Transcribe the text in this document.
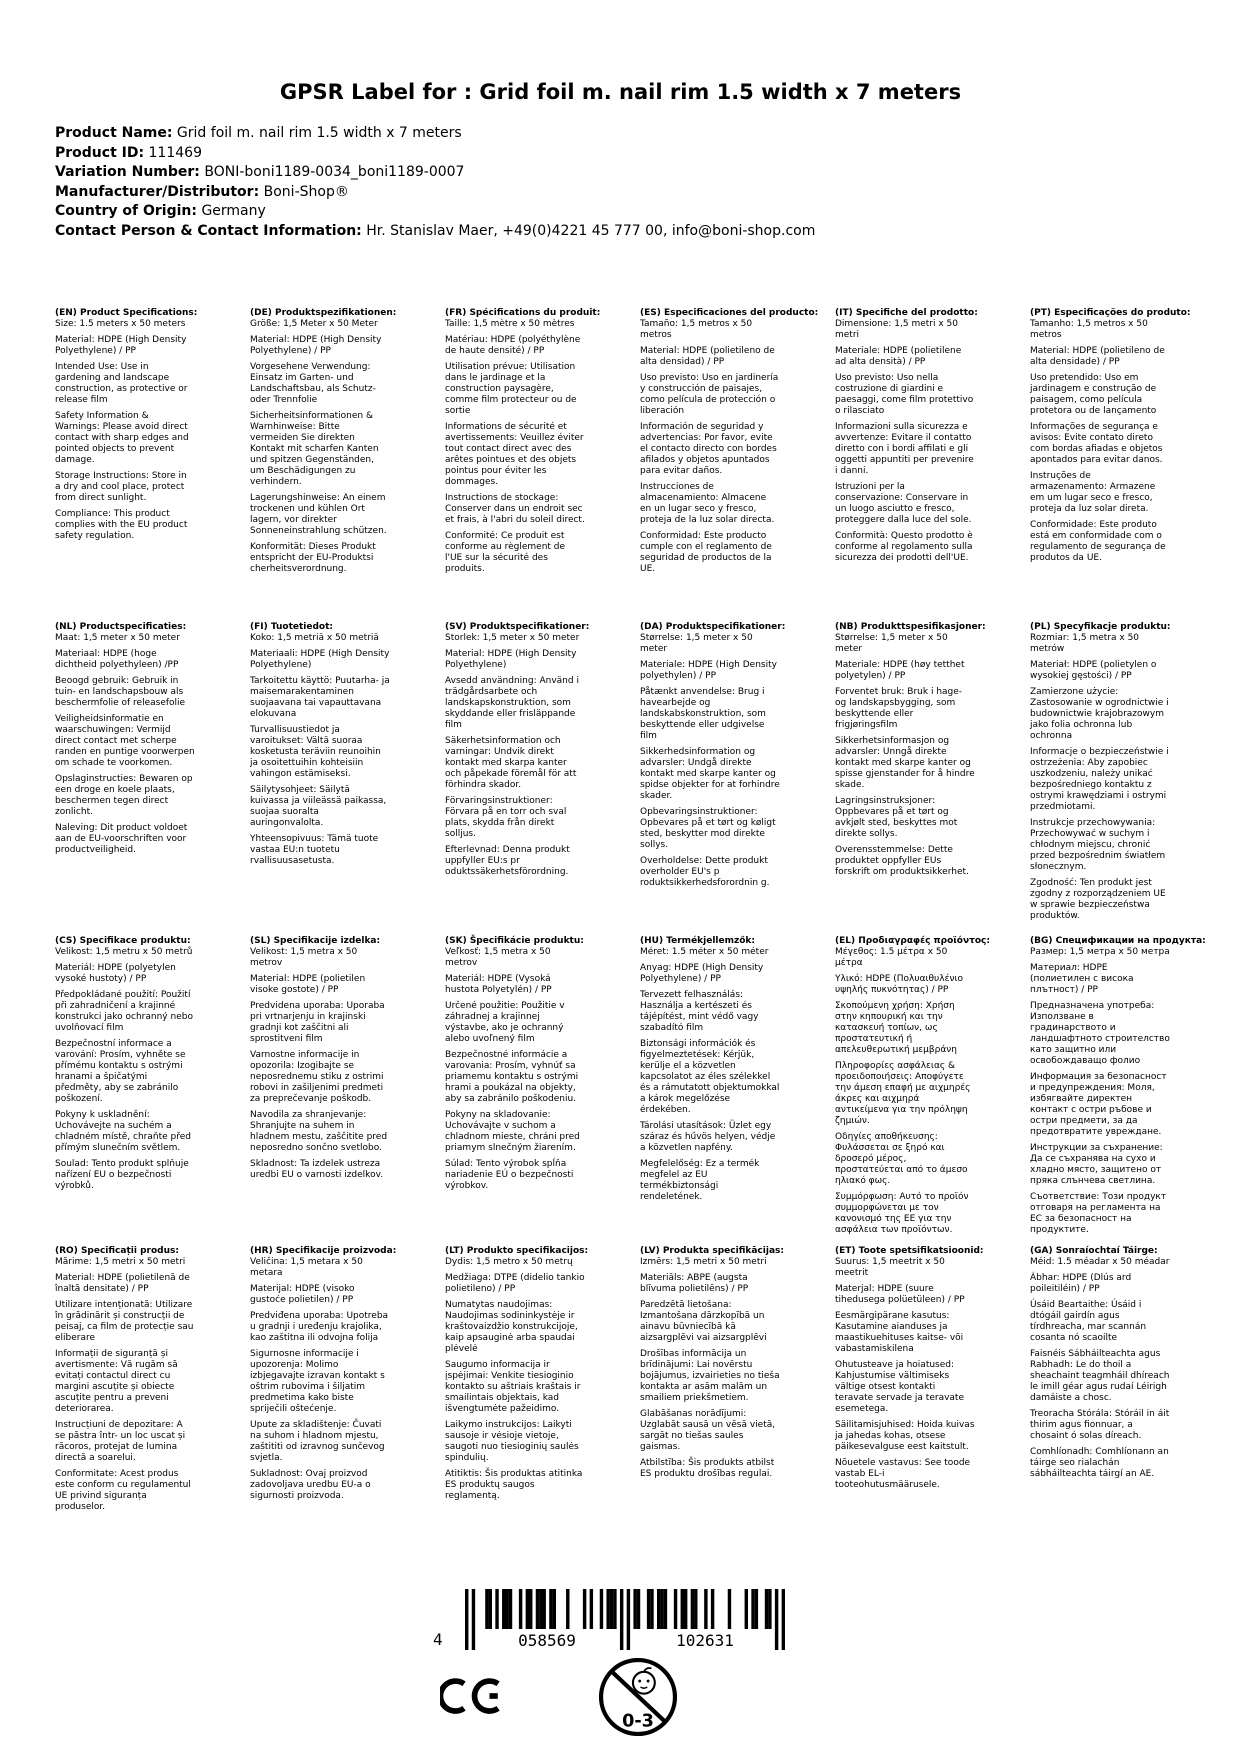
GPSR Label for : Grid foil m. nail rim 1.5 width x 7 meters
Product Name: Grid foil m. nail rim 1.5 width x 7 meters
Product ID: 111469
Variation Number: BONI-boni1189-0034_boni1189-0007
Manufacturer/Distributor: Boni-Shop®
Country of Origin: Germany
Contact Person & Contact Information: Hr. Stanislav Maer, +49(0)4221 45 777 00, info@boni-shop.com
(EN) Product Specifications:

Size: 1.5 meters x 50 meters

Material: HDPE (High Density Polyethylene) / PP

Intended Use: Use in gardening and landscape construction, as protective or release film

Safety Information & Warnings: Please avoid direct contact with sharp edges and pointed objects to prevent damage.

Storage Instructions: Store in a dry and cool place, protect from direct sunlight.

Compliance: This product complies with the EU product safety regulation.

(DE) Produktspezifikationen:

Größe: 1,5 Meter x 50 Meter

Material: HDPE (High Density Polyethylene) / PP

Vorgesehene Verwendung: Einsatz im Garten- und Landschaftsbau, als Schutz- oder Trennfolie

Sicherheitsinformationen & Warnhinweise: Bitte vermeiden Sie direkten Kontakt mit scharfen Kanten und spitzen Gegenständen, um Beschädigungen zu verhindern.

Lagerungshinweise: An einem trockenen und kühlen Ort lagern, vor direkter Sonneneinstrahlung schützen.

Konformität: Dieses Produkt entspricht der EU-Produktsi cherheitsverordnung.

(FR) Spécifications du produit:

Taille: 1,5 mètre x 50 mètres

Matériau: HDPE (polyéthylène de haute densité) / PP

Utilisation prévue: Utilisation dans le jardinage et la construction paysagère, comme film protecteur ou de sortie

Informations de sécurité et avertissements: Veuillez éviter tout contact direct avec des arêtes pointues et des objets pointus pour éviter les dommages.

Instructions de stockage: Conserver dans un endroit sec et frais, à l'abri du soleil direct.

Conformité: Ce produit est conforme au règlement de l'UE sur la sécurité des produits.

(ES) Especificaciones del producto:

Tamaño: 1,5 metros x 50 metros

Material: HDPE (polietileno de alta densidad) / PP

Uso previsto: Uso en jardinería y construcción de paisajes, como película de protección o liberación

Información de seguridad y advertencias: Por favor, evite el contacto directo con bordes afilados y objetos apuntados para evitar daños.

Instrucciones de almacenamiento: Almacene en un lugar seco y fresco, proteja de la luz solar directa.

Conformidad: Este producto cumple con el reglamento de seguridad de productos de la UE.

(IT) Specifiche del prodotto:

Dimensione: 1,5 metri x 50 metri

Materiale: HDPE (polietilene ad alta densità) / PP

Uso previsto: Uso nella costruzione di giardini e paesaggi, come film protettivo o rilasciato

Informazioni sulla sicurezza e avvertenze: Evitare il contatto diretto con i bordi affilati e gli oggetti appuntiti per prevenire i danni.

Istruzioni per la conservazione: Conservare in un luogo asciutto e fresco, proteggere dalla luce del sole.

Conformità: Questo prodotto è conforme al regolamento sulla sicurezza dei prodotti dell'UE.

(PT) Especificações do produto:

Tamanho: 1,5 metros x 50 metros

Material: HDPE (polietileno de alta densidade) / PP

Uso pretendido: Uso em jardinagem e construção de paisagem, como película protetora ou de lançamento

Informações de segurança e avisos: Evite contato direto com bordas afiadas e objetos apontados para evitar danos.

Instruções de armazenamento: Armazene em um lugar seco e fresco, proteja da luz solar direta.

Conformidade: Este produto está em conformidade com o regulamento de segurança de produtos da UE.

(NL) Productspecificaties:

Maat: 1,5 meter x 50 meter

Materiaal: HDPE (hoge dichtheid polyethyleen) /PP

Beoogd gebruik: Gebruik in tuin- en landschapsbouw als beschermfolie of releasefolie

Veiligheidsinformatie en waarschuwingen: Vermijd direct contact met scherpe randen en puntige voorwerpen om schade te voorkomen.

Opslaginstructies: Bewaren op een droge en koele plaats, beschermen tegen direct zonlicht.

Naleving: Dit product voldoet aan de EU-voorschriften voor productveiligheid.

(FI) Tuotetiedot:

Koko: 1,5 metriä x 50 metriä

Materiaali: HDPE (High Density Polyethylene)

Tarkoitettu käyttö: Puutarha- ja maisemarakentaminen suojaavana tai vapauttavana elokuvana

Turvallisuustiedot ja varoitukset: Vältä suoraa kosketusta teräviin reunoihin ja osoitettuihin kohteisiin vahingon estämiseksi.

Säilytysohjeet: Säilytä kuivassa ja viileässä paikassa, suojaa suoralta auringonvalolta.

Yhteensopivuus: Tämä tuote vastaa EU:n tuotetu rvallisuusasetusta.

(SV) Produktspecifikationer:

Storlek: 1,5 meter x 50 meter

Material: HDPE (High Density Polyethylene)

Avsedd användning: Använd i trädgårdsarbete och landskapskonstruktion, som skyddande eller frisläppande film

Säkerhetsinformation och varningar: Undvik direkt kontakt med skarpa kanter och påpekade föremål för att förhindra skador.

Förvaringsinstruktioner: Förvara på en torr och sval plats, skydda från direkt solljus.

Efterlevnad: Denna produkt uppfyller EU:s pr oduktssäkerhetsförordning.

(DA) Produktspecifikationer:

Størrelse: 1,5 meter x 50 meter

Materiale: HDPE (High Density polyethylen) / PP

Påtænkt anvendelse: Brug i havearbejde og landskabskonstruktion, som beskyttende eller udgivelse film

Sikkerhedsinformation og advarsler: Undgå direkte kontakt med skarpe kanter og spidse objekter for at forhindre skader.

Opbevaringsinstruktioner: Opbevares på et tørt og køligt sted, beskytter mod direkte sollys.

Overholdelse: Dette produkt overholder EU's p roduktsikkerhedsforordnin g.

(NB) Produkttspesifikasjoner:

Størrelse: 1,5 meter x 50 meter

Materiale: HDPE (høy tetthet polyetylen) / PP

Forventet bruk: Bruk i hage- og landskapsbygging, som beskyttende eller frigjøringsfilm

Sikkerhetsinformasjon og advarsler: Unngå direkte kontakt med skarpe kanter og spisse gjenstander for å hindre skade.

Lagringsinstruksjoner: Oppbevares på et tørt og avkjølt sted, beskyttes mot direkte sollys.

Overensstemmelse: Dette produktet oppfyller EUs forskrift om produktsikkerhet.

(PL) Specyfikacje produktu:

Rozmiar: 1,5 metra x 50 metrów

Materiał: HDPE (polietylen o wysokiej gęstości) / PP

Zamierzone użycie: Zastosowanie w ogrodnictwie i budownictwie krajobrazowym jako folia ochronna lub ochronna

Informacje o bezpieczeństwie i ostrzeżenia: Aby zapobiec uszkodzeniu, należy unikać bezpośredniego kontaktu z ostrymi krawędziami i ostrymi przedmiotami.

Instrukcje przechowywania: Przechowywać w suchym i chłodnym miejscu, chronić przed bezpośrednim światłem słonecznym.

Zgodność: Ten produkt jest zgodny z rozporządzeniem UE w sprawie bezpieczeństwa produktów.

(CS) Specifikace produktu:

Velikost: 1,5 metru x 50 metrů

Materiál: HDPE (polyetylen vysoké hustoty) / PP

Předpokládané použití: Použití při zahradničení a krajinné konstrukci jako ochranný nebo uvolňovací film

Bezpečnostní informace a varování: Prosím, vyhněte se přímému kontaktu s ostrými hranami a špičatými předměty, aby se zabránilo poškození.

Pokyny k uskladnění: Uchovávejte na suchém a chladném místě, chraňte před přímým slunečním světlem.

Soulad: Tento produkt splňuje nařízení EU o bezpečnosti výrobků.

(SL) Specifikacije izdelka:

Velikost: 1,5 metra x 50 metrov

Material: HDPE (polietilen visoke gostote) / PP

Predvidena uporaba: Uporaba pri vrtnarjenju in krajinski gradnji kot zaščitni ali sprostitveni film

Varnostne informacije in opozorila: Izogibajte se neposrednemu stiku z ostrimi robovi in zašiljenimi predmeti za preprečevanje poškodb.

Navodila za shranjevanje: Shranjujte na suhem in hladnem mestu, zaščitite pred neposredno sončno svetlobo.

Skladnost: Ta izdelek ustreza uredbi EU o varnosti izdelkov.

(SK) Špecifikácie produktu:

Veľkosť: 1,5 metra x 50 metrov

Materiál: HDPE (Vysoká hustota Polyetylén) / PP

Určené použitie: Použitie v záhradnej a krajinnej výstavbe, ako je ochranný alebo uvoľnený film

Bezpečnostné informácie a varovania: Prosím, vyhnúť sa priamemu kontaktu s ostrými hrami a poukázal na objekty, aby sa zabránilo poškodeniu.

Pokyny na skladovanie: Uchovávajte v suchom a chladnom mieste, chráni pred priamym slnečným žiarením.

Súlad: Tento výrobok spĺňa nariadenie EÚ o bezpečnosti výrobkov.

(HU) Termékjellemzők:

Méret: 1.5 méter x 50 méter

Anyag: HDPE (High Density Polyethylene) / PP

Tervezett felhasználás: Használja a kertészeti és tájépítést, mint védő vagy szabadító film

Biztonsági információk és figyelmeztetések: Kérjük, kerülje el a közvetlen kapcsolatot az éles szélekkel és a rámutatott objektumokkal a károk megelőzése érdekében.

Tárolási utasítások: Üzlet egy száraz és hűvös helyen, védje a közvetlen napfény.

Megfelelőség: Ez a termék megfelel az EU termékbiztonsági rendeletének.

(EL) Προδιαγραφές προϊόντος:

Μέγεθος: 1.5 μέτρα x 50 μέτρα

Υλικό: HDPE (Πολυαιθυλένιο υψηλής πυκνότητας) / PP

Σκοπούμενη χρήση: Χρήση στην κηπουρική και την κατασκευή τοπίων, ως προστατευτική ή απελευθερωτική μεμβράνη

Πληροφορίες ασφάλειας & προειδοποιήσεις: Αποφύγετε την άμεση επαφή με αιχμηρές άκρες και αιχμηρά αντικείμενα για την πρόληψη ζημιών.

Οδηγίες αποθήκευσης: Φυλάσσεται σε ξηρό και δροσερό μέρος, προστατεύεται από το άμεσο ηλιακό φως.

Συμμόρφωση: Αυτό το προϊόν συμμορφώνεται με τον κανονισμό της ΕΕ για την ασφάλεια των προϊόντων.

(BG) Спецификации на продукта:

Размер: 1,5 метра x 50 метра

Материал: HDPE (полиетилен с висока плътност) / PP

Предназначена употреба: Използване в градинарството и ландшафтното строителство като защитно или освобождаващо фолио

Информация за безопасност и предупреждения: Моля, избягвайте директен контакт с остри ръбове и остри предмети, за да предотвратите увреждане.

Инструкции за съхранение: Да се съхранява на сухо и хладно място, защитено от пряка слънчева светлина.

Съответствие: Този продукт отговаря на регламента на ЕС за безопасност на продуктите.

(RO) Specificații produs:

Mărime: 1,5 metri x 50 metri

Material: HDPE (polietilenă de înaltă densitate) / PP

Utilizare intenționată: Utilizare în grădinărit și construcții de peisaj, ca film de protecție sau eliberare

Informații de siguranță și avertismente: Vă rugăm să evitați contactul direct cu margini ascuțite și obiecte ascuțite pentru a preveni deteriorarea.

Instrucțiuni de depozitare: A se păstra într- un loc uscat și răcoros, protejat de lumina directă a soarelui.

Conformitate: Acest produs este conform cu regulamentul UE privind siguranța produselor.

(HR) Specifikacije proizvoda:

Veličina: 1,5 metara x 50 metara

Materijal: HDPE (visoko gustoće polietilen) / PP

Predviđena uporaba: Upotreba u gradnji i uređenju krajolika, kao zaštitna ili odvojna folija

Sigurnosne informacije i upozorenja: Molimo izbjegavajte izravan kontakt s oštrim rubovima i šiljatim predmetima kako biste spriječili oštećenje.

Upute za skladištenje: Čuvati na suhom i hladnom mjestu, zaštititi od izravnog sunčevog svjetla.

Sukladnost: Ovaj proizvod zadovoljava uredbu EU-a o sigurnosti proizvoda.

(LT) Produkto specifikacijos:

Dydis: 1,5 metro x 50 metrų

Medžiaga: DTPE (didelio tankio polietileno) / PP

Numatytas naudojimas: Naudojimas sodininkystėje ir kraštovaizdžio konstrukcijoje, kaip apsauginė arba spaudai plėvelė

Saugumo informacija ir įspėjimai: Venkite tiesioginio kontakto su aštriais kraštais ir smailintais objektais, kad išvengtumėte pažeidimo.

Laikymo instrukcijos: Laikyti sausoje ir vėsioje vietoje, saugoti nuo tiesioginių saulės spindulių.

Atitiktis: Šis produktas atitinka ES produktų saugos reglamentą.

(LV) Produkta specifikācijas:

Izmērs: 1,5 metri x 50 metri

Materiāls: ABPE (augsta blīvuma polietilēns) / PP

Paredzētā lietošana: Izmantošana dārzkopībā un ainavu būvniecībā kā aizsargplēvi vai aizsargplēvi

Drošības informācija un brīdinājumi: Lai novērstu bojājumus, izvairieties no tieša kontakta ar asām malām un smailiem priekšmetiem.

Glabāšanas norādījumi: Uzglabāt sausā un vēsā vietā, sargāt no tiešas saules gaismas.

Atbilstība: Šis produkts atbilst ES produktu drošības regulai.

(ET) Toote spetsifikatsioonid:

Suurus: 1,5 meetrit x 50 meetrit

Materjal: HDPE (suure tihedusega polüetüleen) / PP

Eesmärgipärane kasutus: Kasutamine aianduses ja maastikuehituses kaitse- või vabastamiskilena

Ohutusteave ja hoiatused: Kahjustumise vältimiseks vältige otsest kontakti teravate servade ja teravate esemetega.

Säilitamisjuhised: Hoida kuivas ja jahedas kohas, otsese päikesevalguse eest kaitstult.

Nõuetele vastavus: See toode vastab EL-i tooteohutusmäärusele.

(GA) Sonraíochtaí Táirge:

Méid: 1.5 méadar x 50 méadar

Ábhar: HDPE (Dlús ard poileitiléin) / PP

Úsáid Beartaithe: Úsáid i dtógáil gairdín agus tírdhreacha, mar scannán cosanta nó scaoilte

Faisnéis Sábháilteachta agus Rabhadh: Le do thoil a sheachaint teagmháil dhíreach le imill géar agus rudaí Léirigh damáiste a chosc.

Treoracha Stórála: Stóráil in áit thirim agus fionnuar, a chosaint ó solas díreach.

Comhlíonadh: Comhlíonann an táirge seo rialachán sábháilteachta táirgí an AE.

4	058569	102631
0-3
